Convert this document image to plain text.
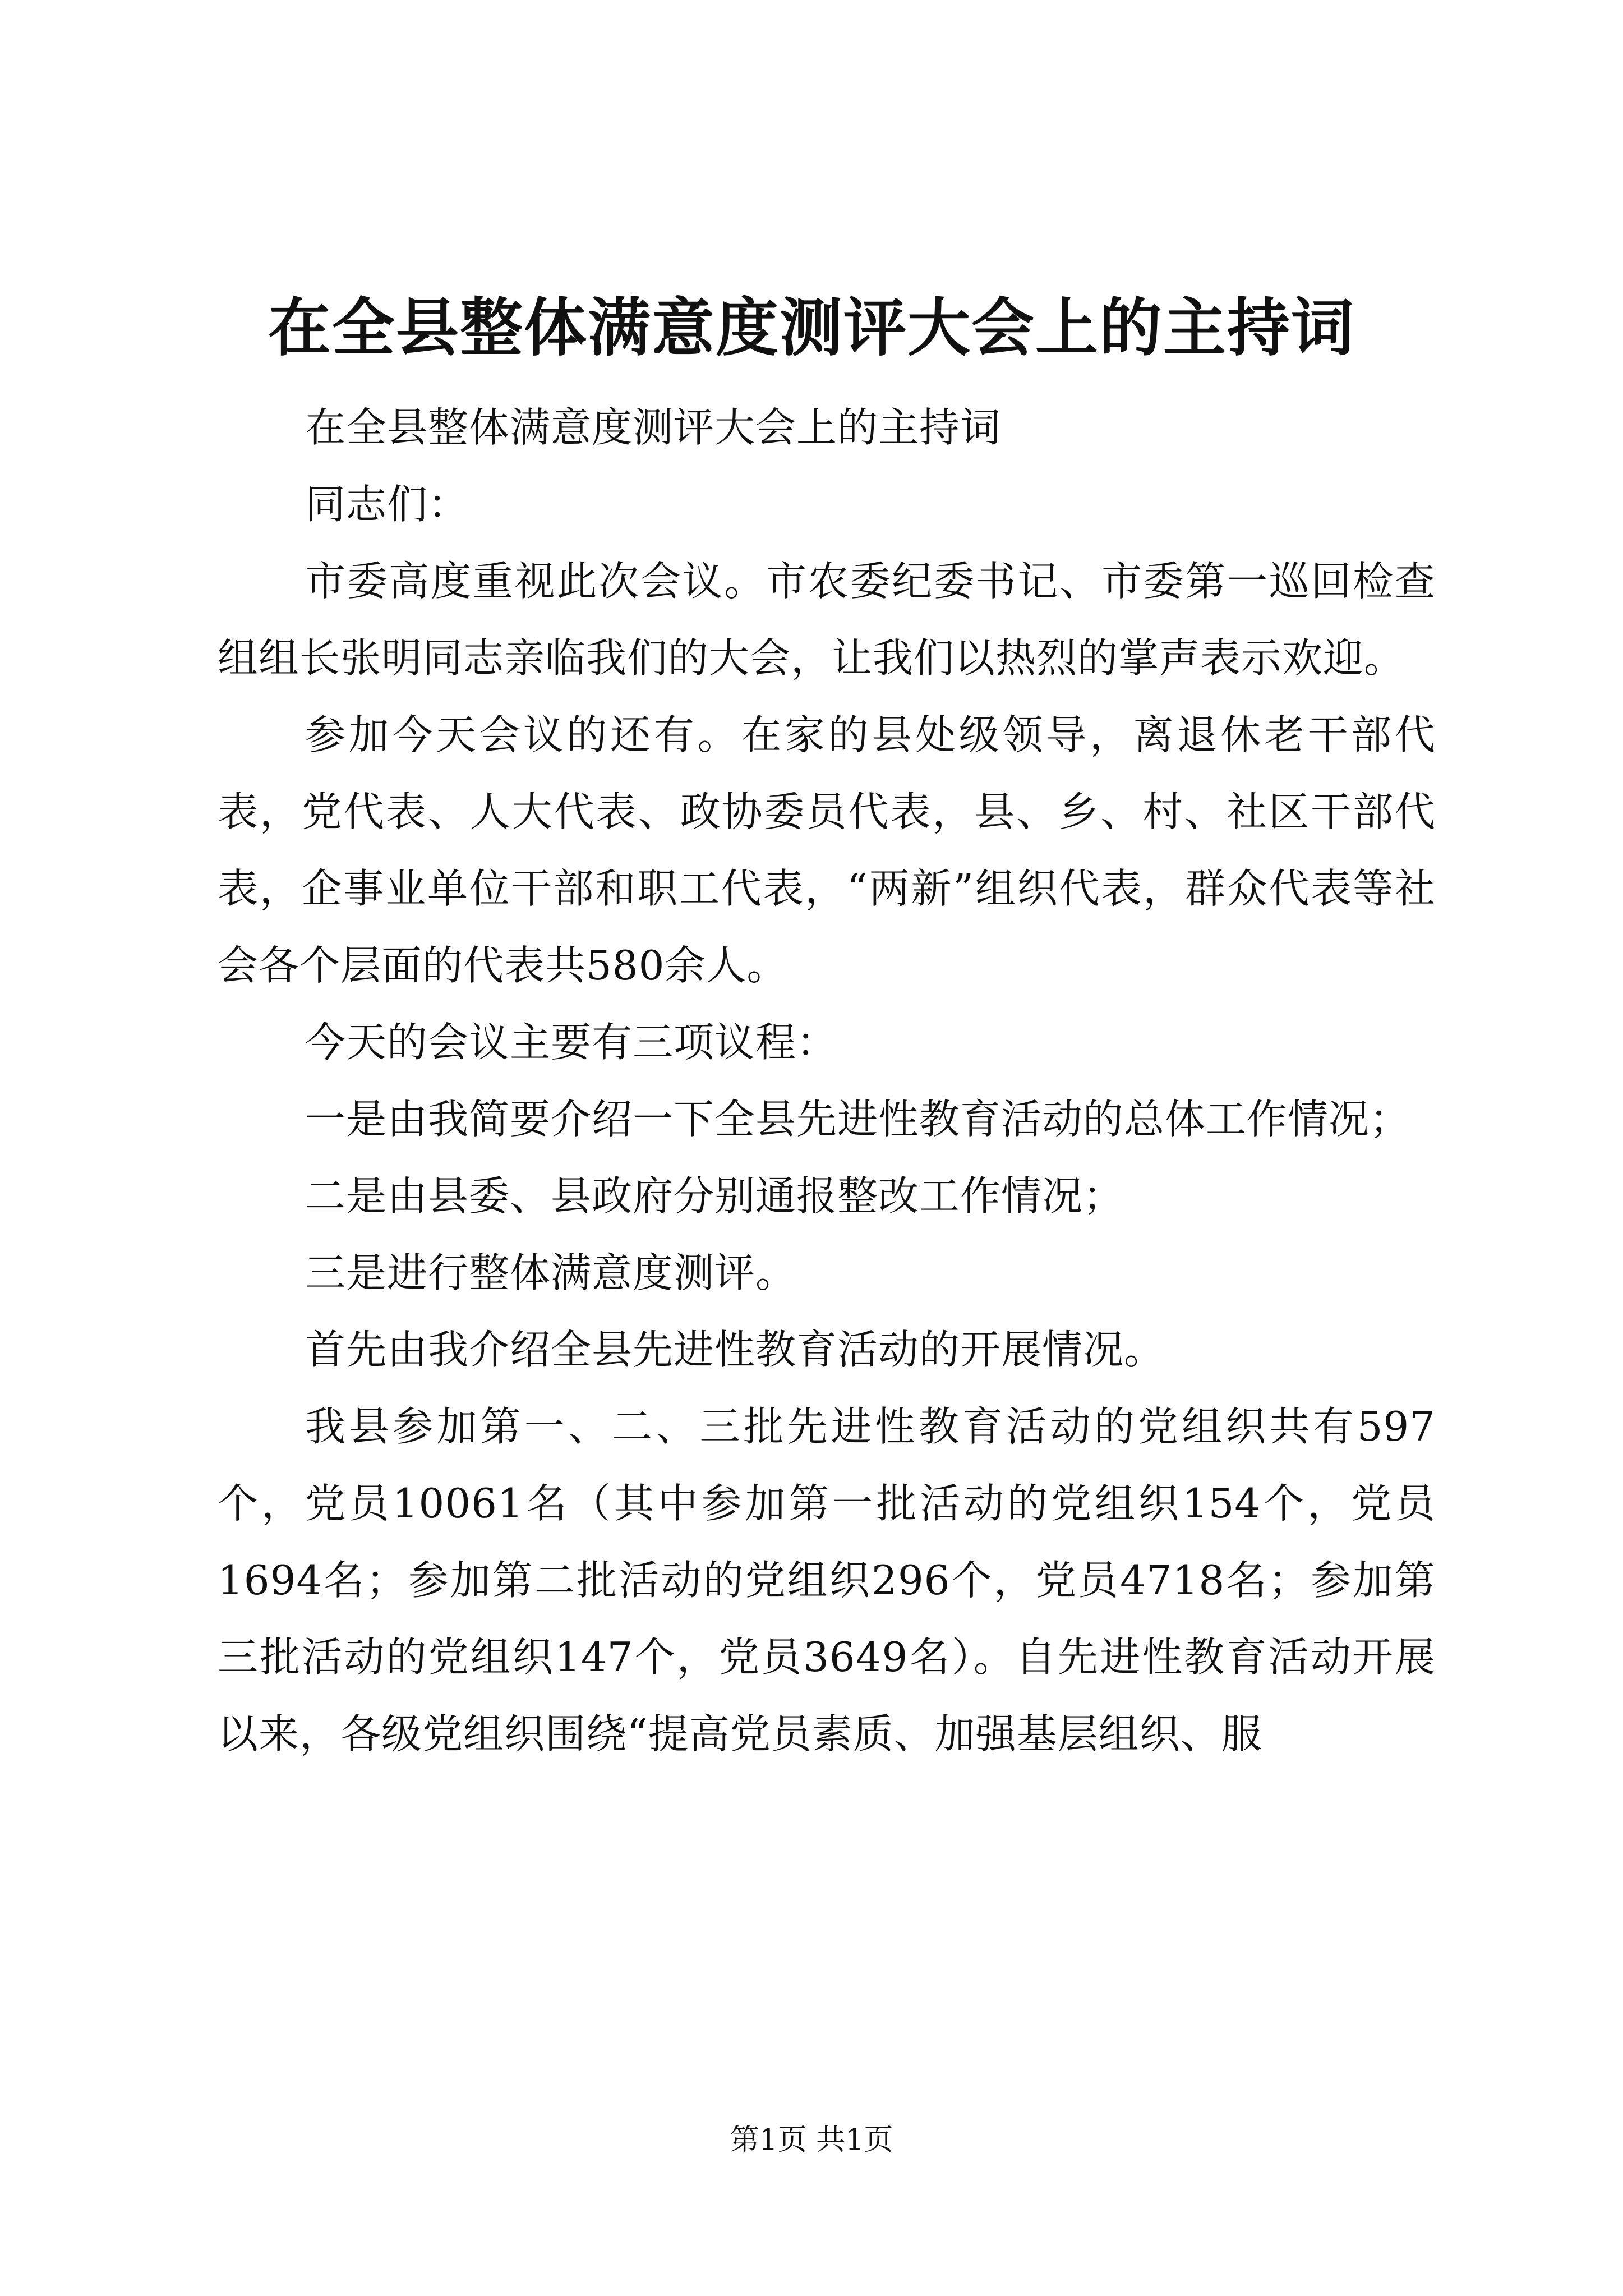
在全县整体满意度测评大会上的主持词

在全县整体满意度测评大会上的主持词

同志们：

市委高度重视此次会议。市农委纪委书记、市委第一巡回检查组组长张明同志亲临我们的大会，让我们以热烈的掌声表示欢迎。

参加今天会议的还有。在家的县处级领导，离退休老干部代表，党代表、人大代表、政协委员代表，县、乡、村、社区干部代表，企事业单位干部和职工代表，“两新”组织代表，群众代表等社会各个层面的代表共580余人。

今天的会议主要有三项议程：

一是由我简要介绍一下全县先进性教育活动的总体工作情况；

二是由县委、县政府分别通报整改工作情况；

三是进行整体满意度测评。

首先由我介绍全县先进性教育活动的开展情况。

我县参加第一、二、三批先进性教育活动的党组织共有597个，党员10061名（其中参加第一批活动的党组织154个，党员1694名；参加第二批活动的党组织296个，党员4718名；参加第三批活动的党组织147个，党员3649名）。自先进性教育活动开展以来，各级党组织围绕“提高党员素质、加强基层组织、服

第1页 共1页
